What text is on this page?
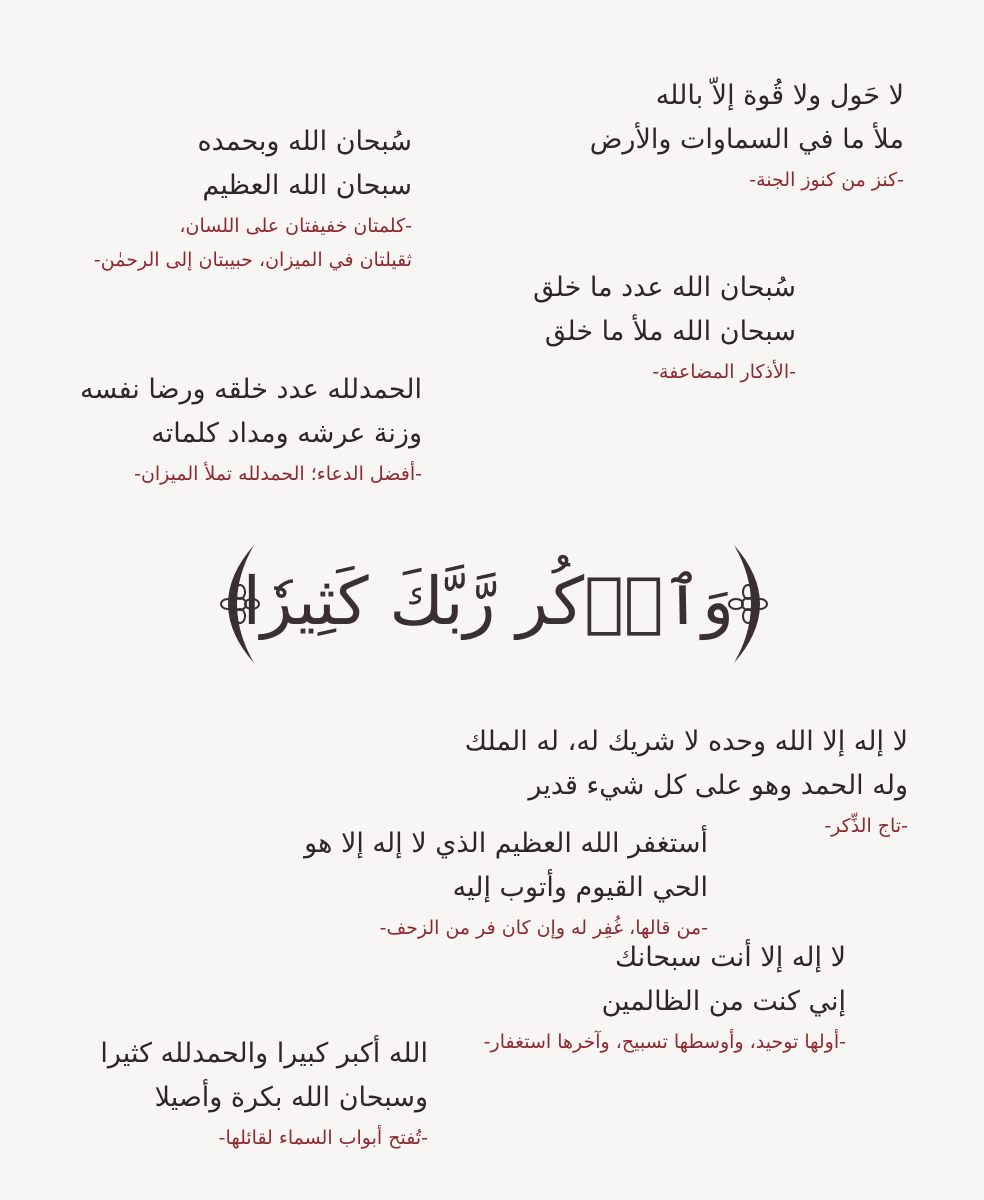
لا حَول ولا قُوة إلاّ بالله
ملأ ما في السماوات والأرض
-كنز من كنوز الجنة-
سُبحان الله وبحمده
سبحان الله العظيم
-كلمتان خفيفتان على اللسان،
ثقيلتان في الميزان، حبيبتان إلى الرحمٰن-
سُبحان الله عدد ما خلق
سبحان الله ملأ ما خلق
-الأذكار المضاعفة-
الحمدلله عدد خلقه ورضا نفسه
وزنة عرشه ومداد كلماته
-أفضل الدعاء؛ الحمدلله تملأ الميزان-
وَٱذۡكُر رَّبَّكَ كَثِيرٗا
لا إله إلا الله وحده لا شريك له، له الملك
وله الحمد وهو على كل شيء قدير
-تاج الذِّكر-
أستغفر الله العظيم الذي لا إله إلا هو
الحي القيوم وأتوب إليه
-من قالها، غُفِر له وإن كان فر من الزحف-
لا إله إلا أنت سبحانك
إني كنت من الظالمين
-أولها توحيد، وأوسطها تسبيح، وآخرها استغفار-
الله أكبر كبيرا والحمدلله كثيرا
وسبحان الله بكرة وأصيلا
-تُفتح أبواب السماء لقائلها-
